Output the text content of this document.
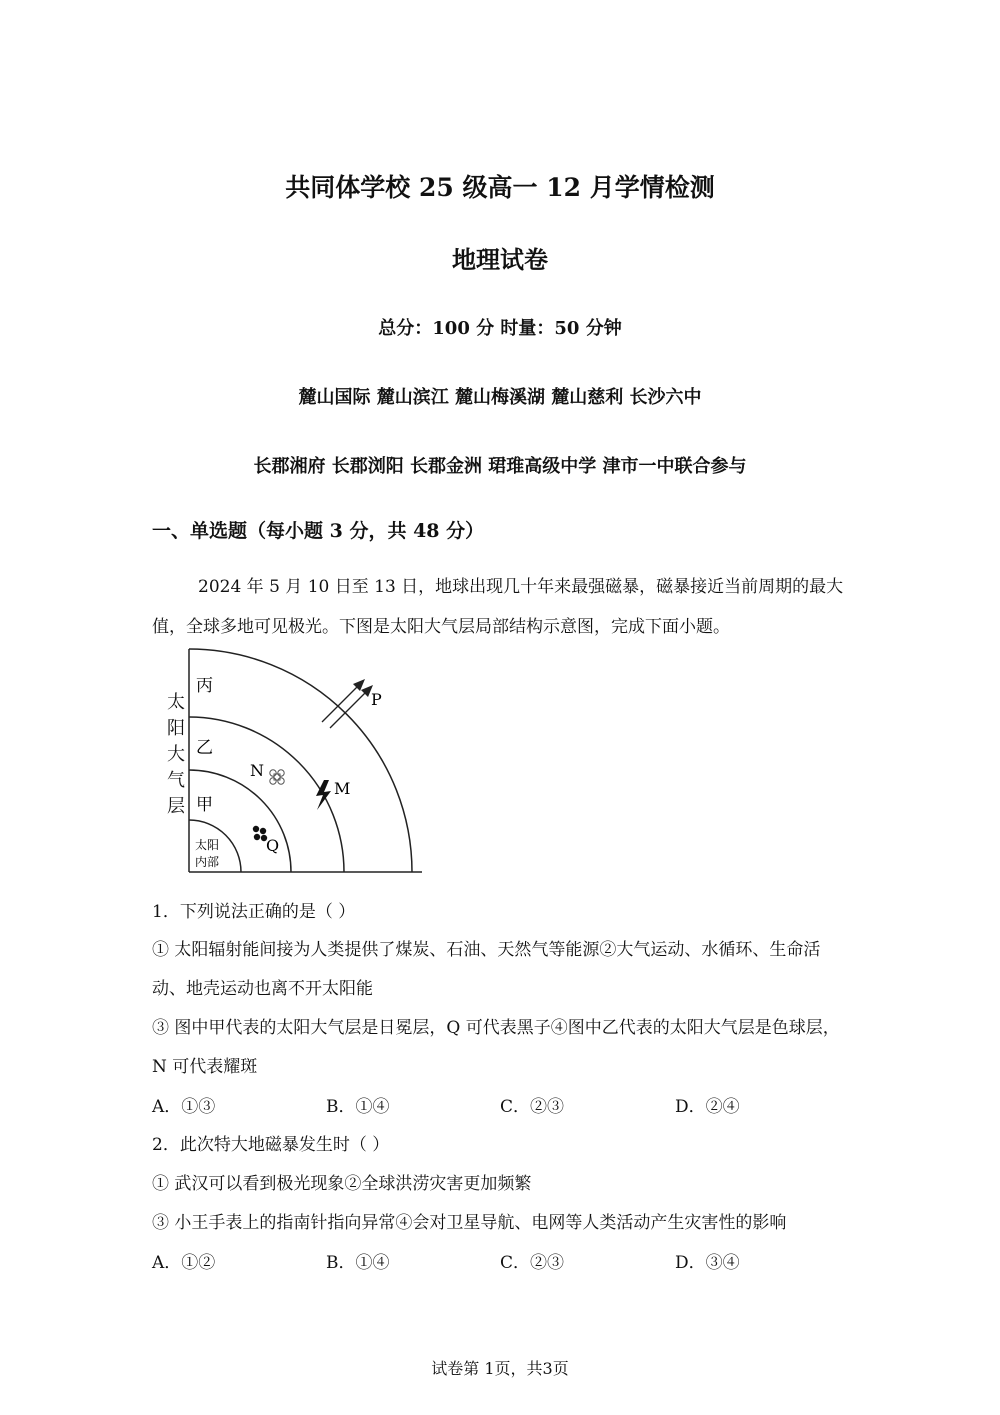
共同体学校 25 级高一 12 月学情检测
地理试卷
总分：100 分 时量：50 分钟
麓山国际 麓山滨江 麓山梅溪湖 麓山慈利 长沙六中
长郡湘府 长郡浏阳 长郡金洲 珺琟高级中学 津市一中联合参与
一、单选题（每小题 3 分，共 48 分）
2024 年 5 月 10 日至 13 日，地球出现几十年来最强磁暴，磁暴接近当前周期的最大
值，全球多地可见极光。下图是太阳大气层局部结构示意图，完成下面小题。
丙
乙
甲
太阳
内部
P
M
N
Q
太
阳
大
气
层
1．下列说法正确的是（ ）
① 太阳辐射能间接为人类提供了煤炭、石油、天然气等能源②大气运动、水循环、生命活
动、地壳运动也离不开太阳能
③ 图中甲代表的太阳大气层是日冕层，Q 可代表黑子④图中乙代表的太阳大气层是色球层，
N 可代表耀斑
A．①③	B．①④	C．②③	D．②④
2．此次特大地磁暴发生时（ ）
① 武汉可以看到极光现象②全球洪涝灾害更加频繁
③ 小王手表上的指南针指向异常④会对卫星导航、电网等人类活动产生灾害性的影响
A．①②	B．①④	C．②③	D．③④
试卷第 1页，共3页
